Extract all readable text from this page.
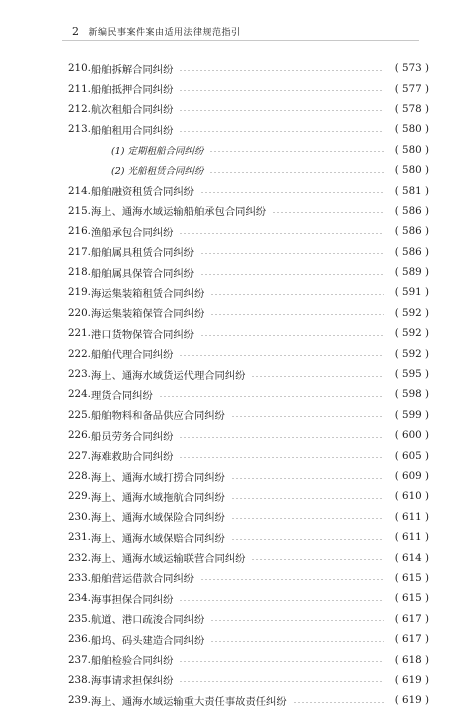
2 新编民事案件案由适用法律规范指引
210. 船舶拆解合同纠纷	( 573 )
211. 船舶抵押合同纠纷	( 577 )
212. 航次租船合同纠纷	( 578 )
213. 船舶租用合同纠纷	( 580 )
(1) 定期租船合同纠纷	( 580 )
(2) 光船租赁合同纠纷	( 580 )
214. 船舶融资租赁合同纠纷	( 581 )
215. 海上、通海水域运输船舶承包合同纠纷	( 586 )
216. 渔船承包合同纠纷	( 586 )
217. 船舶属具租赁合同纠纷	( 586 )
218. 船舶属具保管合同纠纷	( 589 )
219. 海运集装箱租赁合同纠纷	( 591 )
220. 海运集装箱保管合同纠纷	( 592 )
221. 港口货物保管合同纠纷	( 592 )
222. 船舶代理合同纠纷	( 592 )
223. 海上、通海水域货运代理合同纠纷	( 595 )
224. 理货合同纠纷	( 598 )
225. 船舶物料和备品供应合同纠纷	( 599 )
226. 船员劳务合同纠纷	( 600 )
227. 海难救助合同纠纷	( 605 )
228. 海上、通海水域打捞合同纠纷	( 609 )
229. 海上、通海水域拖航合同纠纷	( 610 )
230. 海上、通海水域保险合同纠纷	( 611 )
231. 海上、通海水域保赔合同纠纷	( 611 )
232. 海上、通海水域运输联营合同纠纷	( 614 )
233. 船舶营运借款合同纠纷	( 615 )
234. 海事担保合同纠纷	( 615 )
235. 航道、港口疏浚合同纠纷	( 617 )
236. 船坞、码头建造合同纠纷	( 617 )
237. 船舶检验合同纠纷	( 618 )
238. 海事请求担保纠纷	( 619 )
239. 海上、通海水域运输重大责任事故责任纠纷	( 619 )
